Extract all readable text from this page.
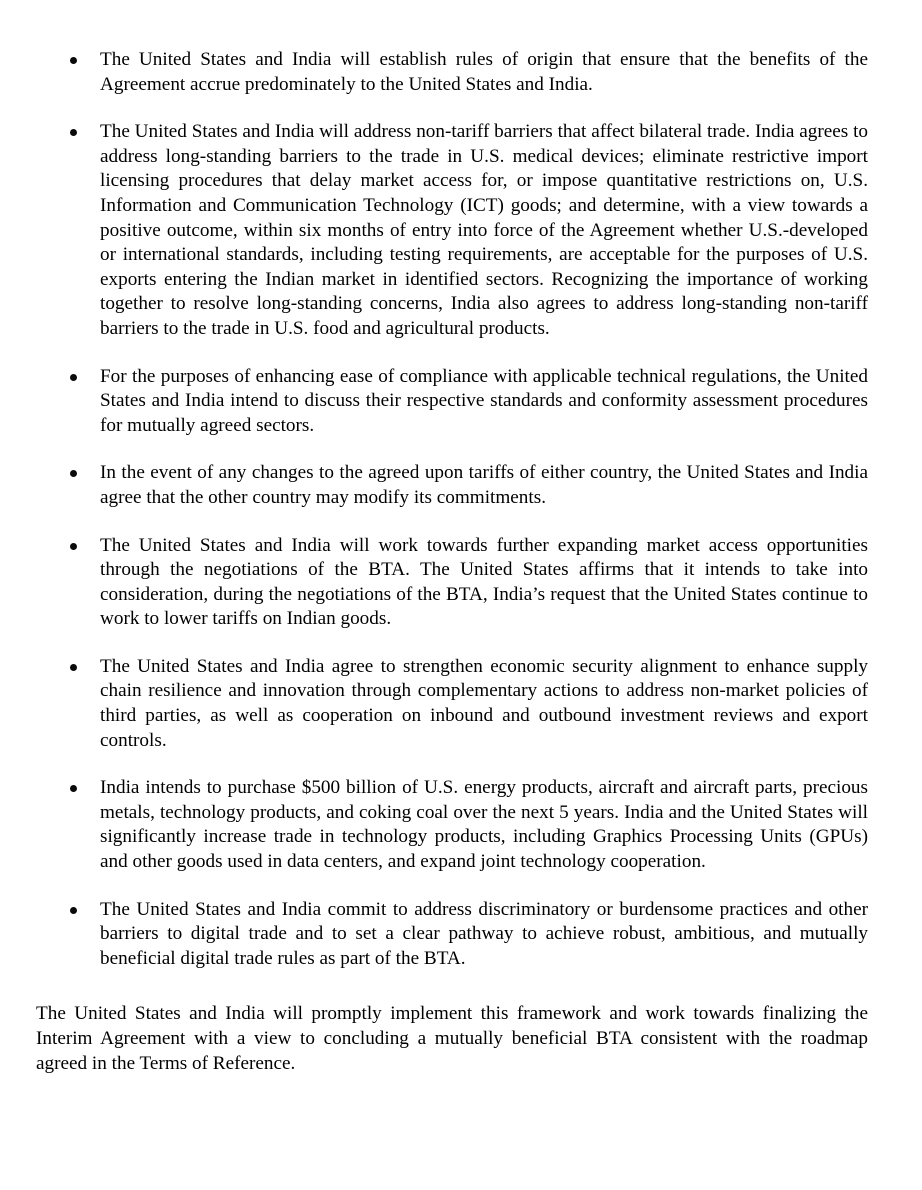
The United States and India will establish rules of origin that ensure that the benefits of the Agreement accrue predominately to the United States and India.
The United States and India will address non-tariff barriers that affect bilateral trade. India agrees to address long-standing barriers to the trade in U.S. medical devices; eliminate restrictive import licensing procedures that delay market access for, or impose quantitative restrictions on, U.S. Information and Communication Technology (ICT) goods; and determine, with a view towards a positive outcome, within six months of entry into force of the Agreement whether U.S.-developed or international standards, including testing requirements, are acceptable for the purposes of U.S. exports entering the Indian market in identified sectors. Recognizing the importance of working together to resolve long-standing concerns, India also agrees to address long-standing non-tariff barriers to the trade in U.S. food and agricultural products.
For the purposes of enhancing ease of compliance with applicable technical regulations, the United States and India intend to discuss their respective standards and conformity assessment procedures for mutually agreed sectors.
In the event of any changes to the agreed upon tariffs of either country, the United States and India agree that the other country may modify its commitments.
The United States and India will work towards further expanding market access opportunities through the negotiations of the BTA. The United States affirms that it intends to take into consideration, during the negotiations of the BTA, India’s request that the United States continue to work to lower tariffs on Indian goods.
The United States and India agree to strengthen economic security alignment to enhance supply chain resilience and innovation through complementary actions to address non-market policies of third parties, as well as cooperation on inbound and outbound investment reviews and export controls.
India intends to purchase $500 billion of U.S. energy products, aircraft and aircraft parts, precious metals, technology products, and coking coal over the next 5 years. India and the United States will significantly increase trade in technology products, including Graphics Processing Units (GPUs) and other goods used in data centers, and expand joint technology cooperation.
The United States and India commit to address discriminatory or burdensome practices and other barriers to digital trade and to set a clear pathway to achieve robust, ambitious, and mutually beneficial digital trade rules as part of the BTA.

The United States and India will promptly implement this framework and work towards finalizing the Interim Agreement with a view to concluding a mutually beneficial BTA consistent with the roadmap agreed in the Terms of Reference.
